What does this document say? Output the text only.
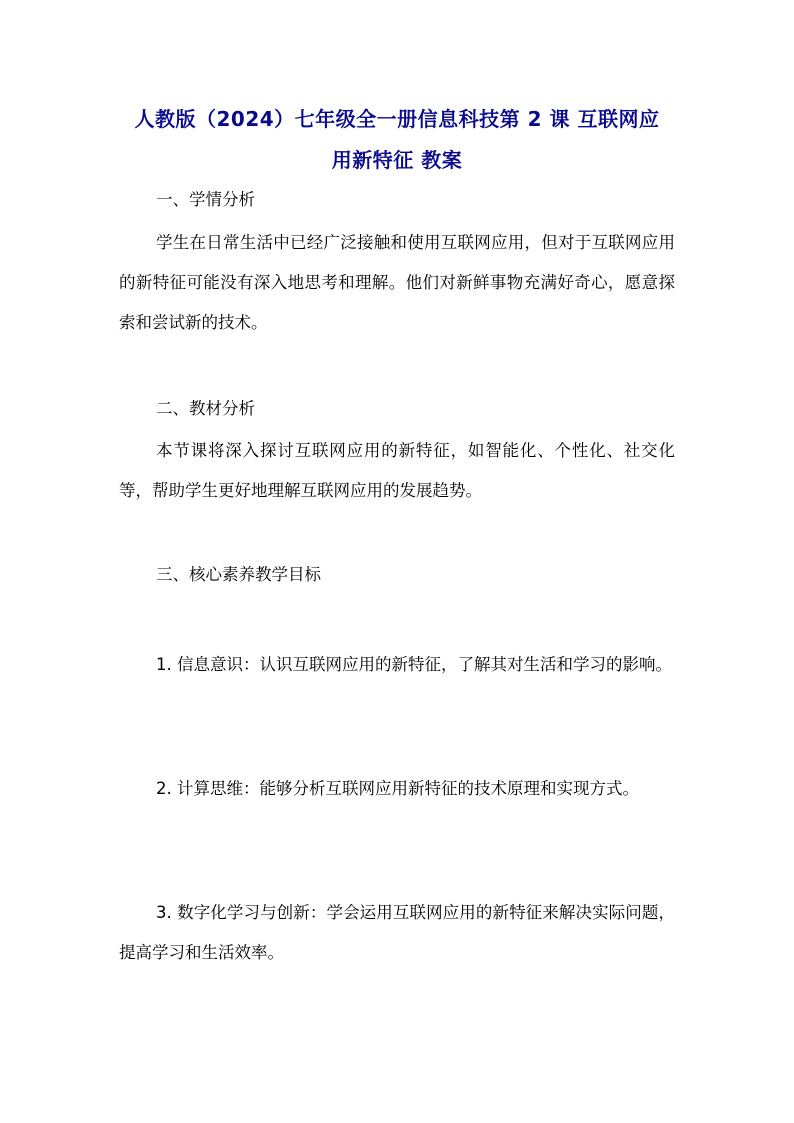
人教版（2024）七年级全一册信息科技第 2 课 互联网应
用新特征 教案
一、学情分析
学生在日常生活中已经广泛接触和使用互联网应用，但对于互联网应用的新特征可能没有深入地思考和理解。他们对新鲜事物充满好奇心，愿意探索和尝试新的技术。
二、教材分析
本节课将深入探讨互联网应用的新特征，如智能化、个性化、社交化等，帮助学生更好地理解互联网应用的发展趋势。
三、核心素养教学目标
1. 信息意识：认识互联网应用的新特征，了解其对生活和学习的影响。
2. 计算思维：能够分析互联网应用新特征的技术原理和实现方式。
3. 数字化学习与创新：学会运用互联网应用的新特征来解决实际问题，提高学习和生活效率。
